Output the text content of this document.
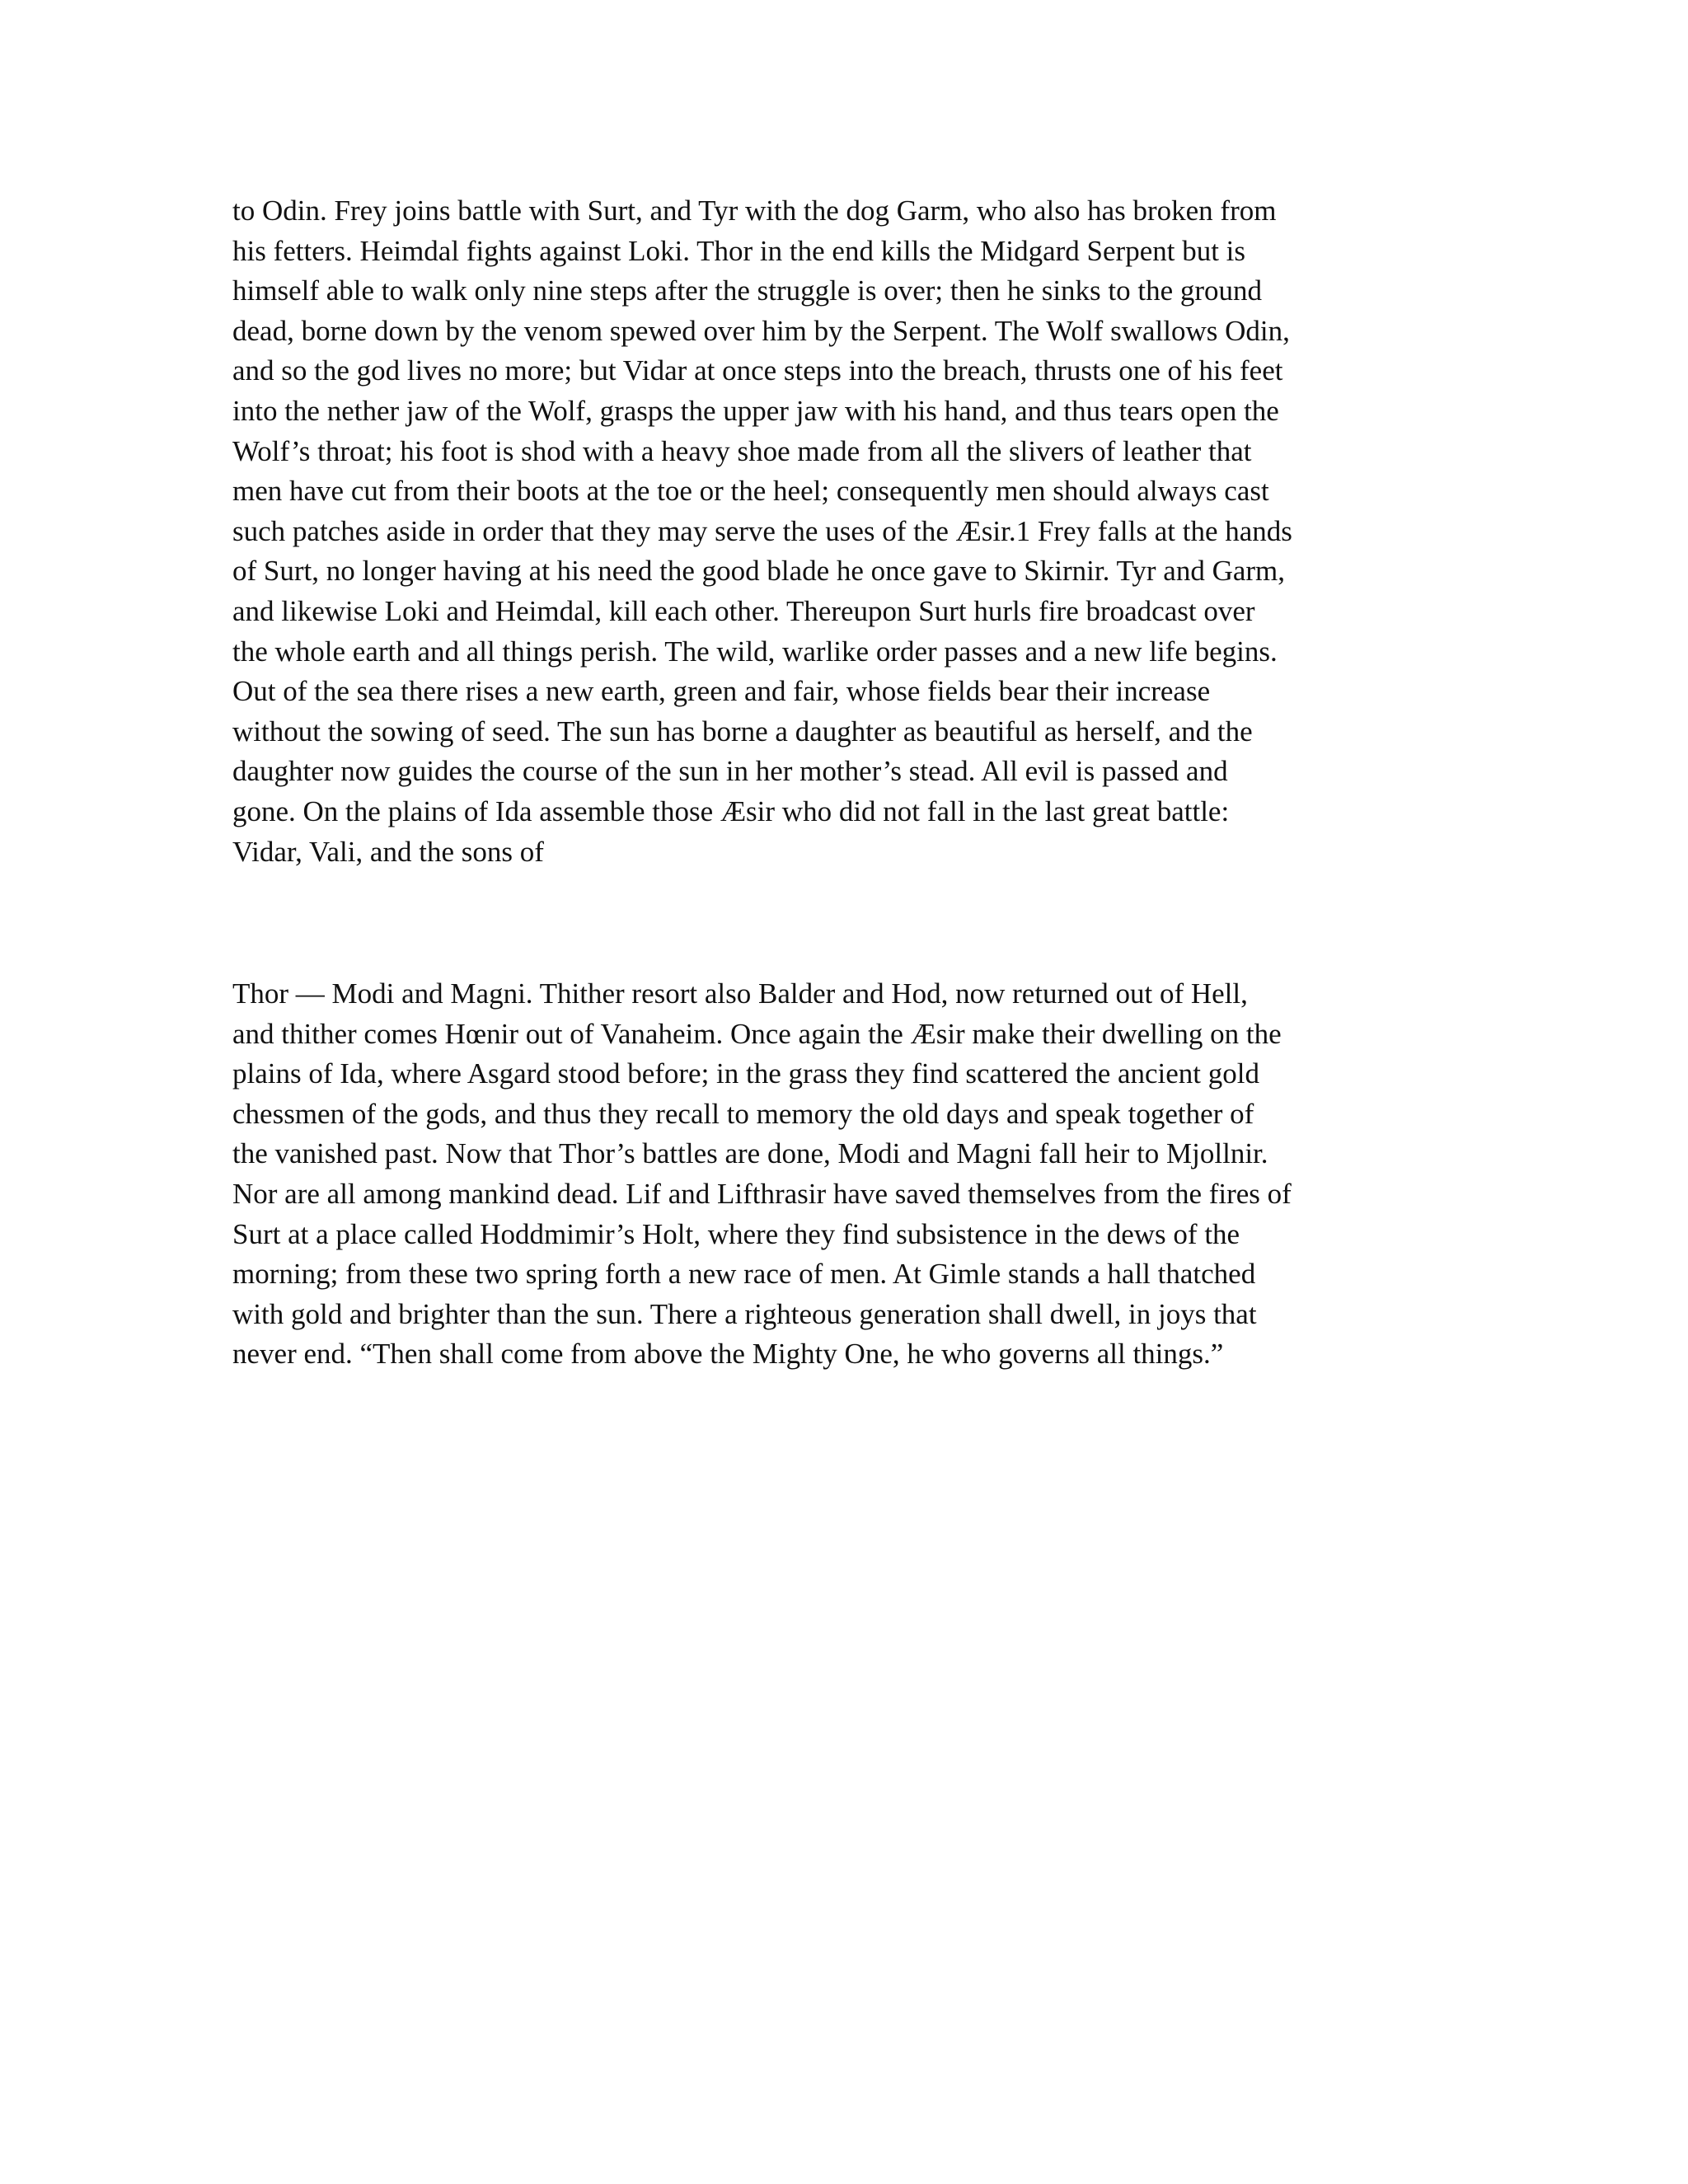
to Odin. Frey joins battle with Surt, and Tyr with the dog Garm, who also has broken from
his fetters. Heimdal fights against Loki. Thor in the end kills the Midgard Serpent but is
himself able to walk only nine steps after the struggle is over; then he sinks to the ground
dead, borne down by the venom spewed over him by the Serpent. The Wolf swallows Odin,
and so the god lives no more; but Vidar at once steps into the breach, thrusts one of his feet
into the nether jaw of the Wolf, grasps the upper jaw with his hand, and thus tears open the
Wolf’s throat; his foot is shod with a heavy shoe made from all the slivers of leather that
men have cut from their boots at the toe or the heel; consequently men should always cast
such patches aside in order that they may serve the uses of the Æsir.1 Frey falls at the hands
of Surt, no longer having at his need the good blade he once gave to Skirnir. Tyr and Garm,
and likewise Loki and Heimdal, kill each other. Thereupon Surt hurls fire broadcast over
the whole earth and all things perish. The wild, warlike order passes and a new life begins.
Out of the sea there rises a new earth, green and fair, whose fields bear their increase
without the sowing of seed. The sun has borne a daughter as beautiful as herself, and the
daughter now guides the course of the sun in her mother’s stead. All evil is passed and
gone. On the plains of Ida assemble those Æsir who did not fall in the last great battle:
Vidar, Vali, and the sons of

Thor — Modi and Magni. Thither resort also Balder and Hod, now returned out of Hell,
and thither comes Hœnir out of Vanaheim. Once again the Æsir make their dwelling on the
plains of Ida, where Asgard stood before; in the grass they find scattered the ancient gold
chessmen of the gods, and thus they recall to memory the old days and speak together of
the vanished past. Now that Thor’s battles are done, Modi and Magni fall heir to Mjollnir.
Nor are all among mankind dead. Lif and Lifthrasir have saved themselves from the fires of
Surt at a place called Hoddmimir’s Holt, where they find subsistence in the dews of the
morning; from these two spring forth a new race of men. At Gimle stands a hall thatched
with gold and brighter than the sun. There a righteous generation shall dwell, in joys that
never end. “Then shall come from above the Mighty One, he who governs all things.”
